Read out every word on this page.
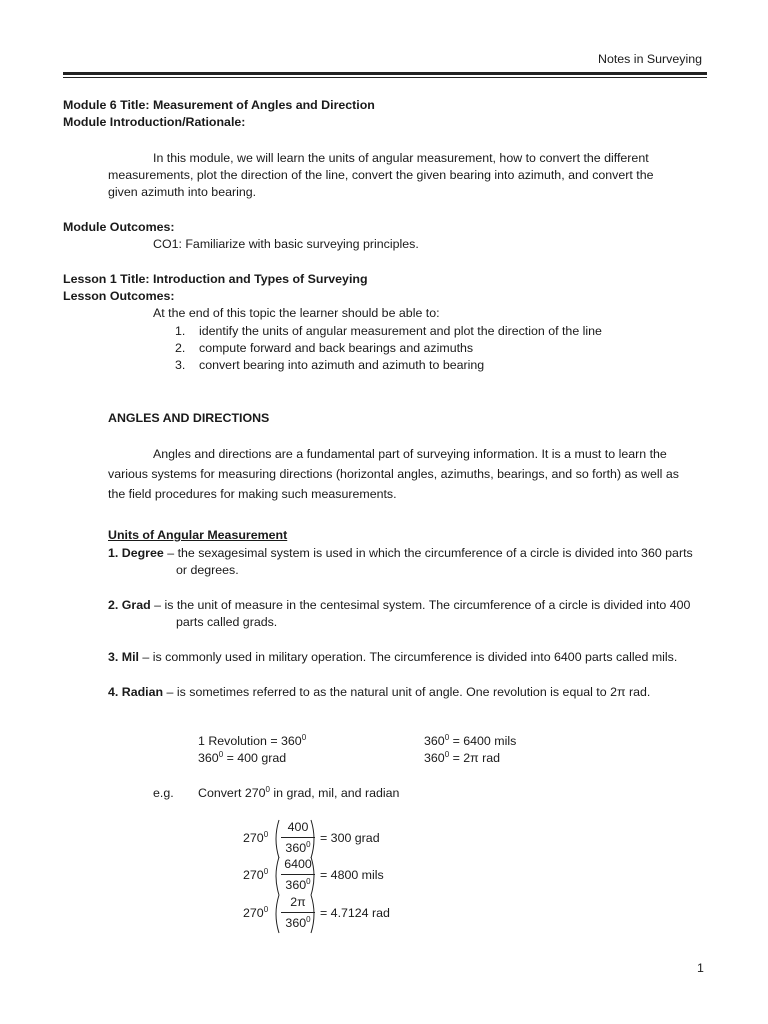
Notes in Surveying
Module 6 Title: Measurement of Angles and Direction
Module Introduction/Rationale:
In this module, we will learn the units of angular measurement, how to convert the different
measurements, plot the direction of the line, convert the given bearing into azimuth, and convert the
given azimuth into bearing.
Module Outcomes:
CO1: Familiarize with basic surveying principles.
Lesson 1 Title: Introduction and Types of Surveying
Lesson Outcomes:
At the end of this topic the learner should be able to:
1. identify the units of angular measurement and plot the direction of the line
2. compute forward and back bearings and azimuths
3. convert bearing into azimuth and azimuth to bearing
ANGLES AND DIRECTIONS
Angles and directions are a fundamental part of surveying information. It is a must to learn the
various systems for measuring directions (horizontal angles, azimuths, bearings, and so forth) as well as
the field procedures for making such measurements.
Units of Angular Measurement
1. Degree – the sexagesimal system is used in which the circumference of a circle is divided into 360 parts
or degrees.
2. Grad – is the unit of measure in the centesimal system. The circumference of a circle is divided into 400
parts called grads.
3. Mil – is commonly used in military operation. The circumference is divided into 6400 parts called mils.
4. Radian – is sometimes referred to as the natural unit of angle. One revolution is equal to 2π rad.
1 Revolution = $360^0$
$360^0 = 400$ grad
$360^0 = 6400$ mils
$360^0 = 2\pi$ rad
e.g. Convert $270^0$ in grad, mil, and radian
$270^0$
400
$360^0 = 300$ grad
$270^0$
6400
$360^0 = 4800$ mils
$270^0$
2π
$360^0 = 4.7124$ rad
1
